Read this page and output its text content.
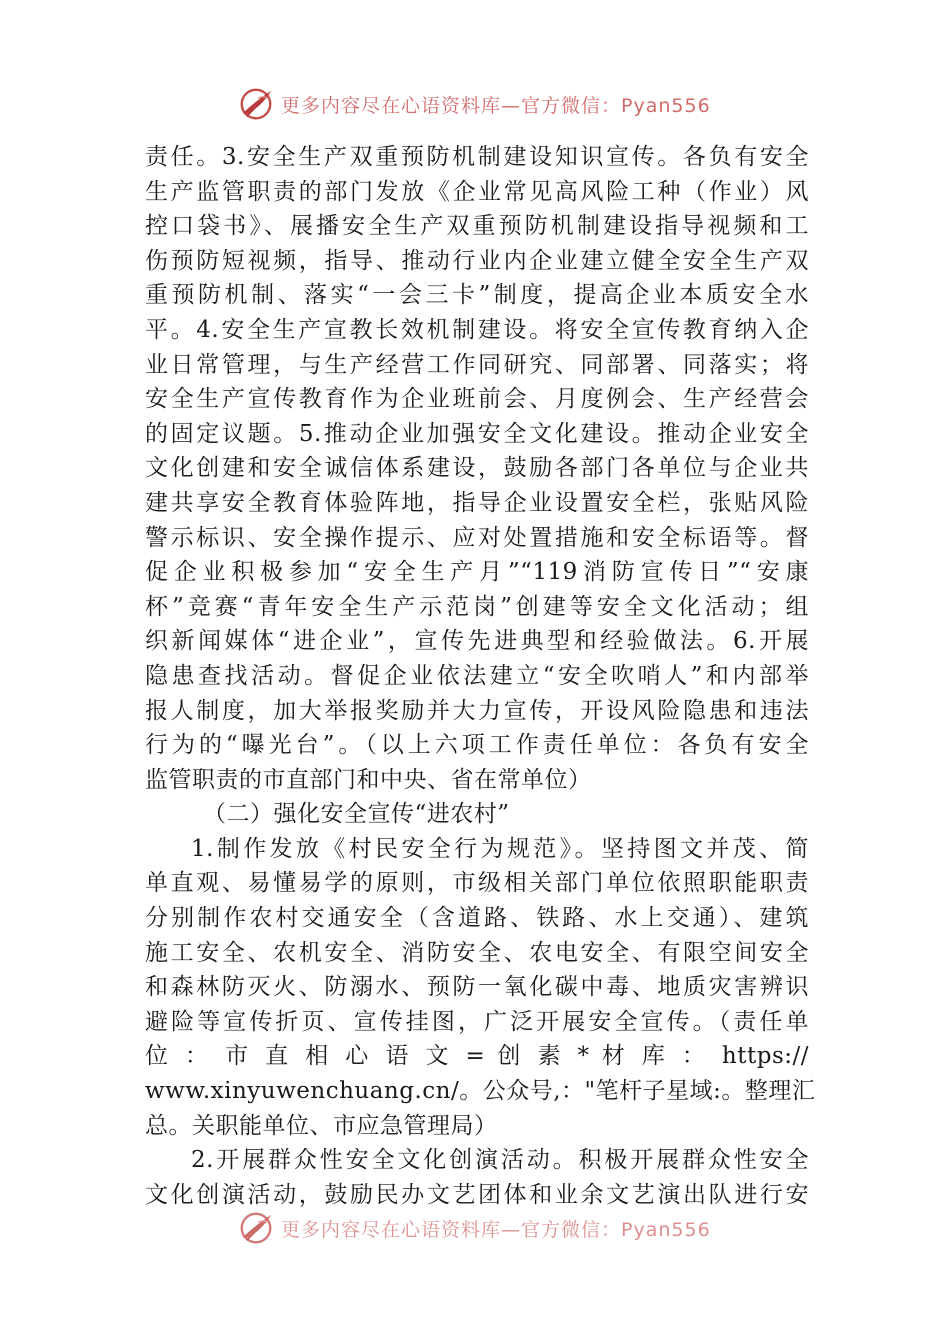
更多内容尽在心语资料库—官方微信：Pyan556
责任。3.安全生产双重预防机制建设知识宣传。各负有安全
生产监管职责的部门发放《企业常见高风险工种（作业）风
控口袋书》、展播安全生产双重预防机制建设指导视频和工
伤预防短视频，指导、推动行业内企业建立健全安全生产双
重预防机制、落实“一会三卡”制度，提高企业本质安全水
平。4.安全生产宣教长效机制建设。将安全宣传教育纳入企
业日常管理，与生产经营工作同研究、同部署、同落实；将
安全生产宣传教育作为企业班前会、月度例会、生产经营会
的固定议题。5.推动企业加强安全文化建设。推动企业安全
文化创建和安全诚信体系建设，鼓励各部门各单位与企业共
建共享安全教育体验阵地，指导企业设置安全栏，张贴风险
警示标识、安全操作提示、应对处置措施和安全标语等。督
促企业积极参加“安全生产月”“119消防宣传日”“安康
杯”竞赛“青年安全生产示范岗”创建等安全文化活动；组
织新闻媒体“进企业”，宣传先进典型和经验做法。6.开展
隐患查找活动。督促企业依法建立“安全吹哨人”和内部举
报人制度，加大举报奖励并大力宣传，开设风险隐患和违法
行为的“曝光台”。（以上六项工作责任单位：各负有安全
监管职责的市直部门和中央、省在常单位）
（二）强化安全宣传“进农村”
1.制作发放《村民安全行为规范》。坚持图文并茂、简
单直观、易懂易学的原则，市级相关部门单位依照职能职责
分别制作农村交通安全（含道路、铁路、水上交通）、建筑
施工安全、农机安全、消防安全、农电安全、有限空间安全
和森林防灭火、防溺水、预防一氧化碳中毒、地质灾害辨识
避险等宣传折页、宣传挂图，广泛开展安全宣传。（责任单
位 ： 市 直 相 心 语 文 = 创 素 * 材 库 ： https://
www.xinyuwenchuang.cn/。公众号,："笔杆子星域:。整理汇
总。关职能单位、市应急管理局）
2.开展群众性安全文化创演活动。积极开展群众性安全
文化创演活动，鼓励民办文艺团体和业余文艺演出队进行安
更多内容尽在心语资料库—官方微信：Pyan556
